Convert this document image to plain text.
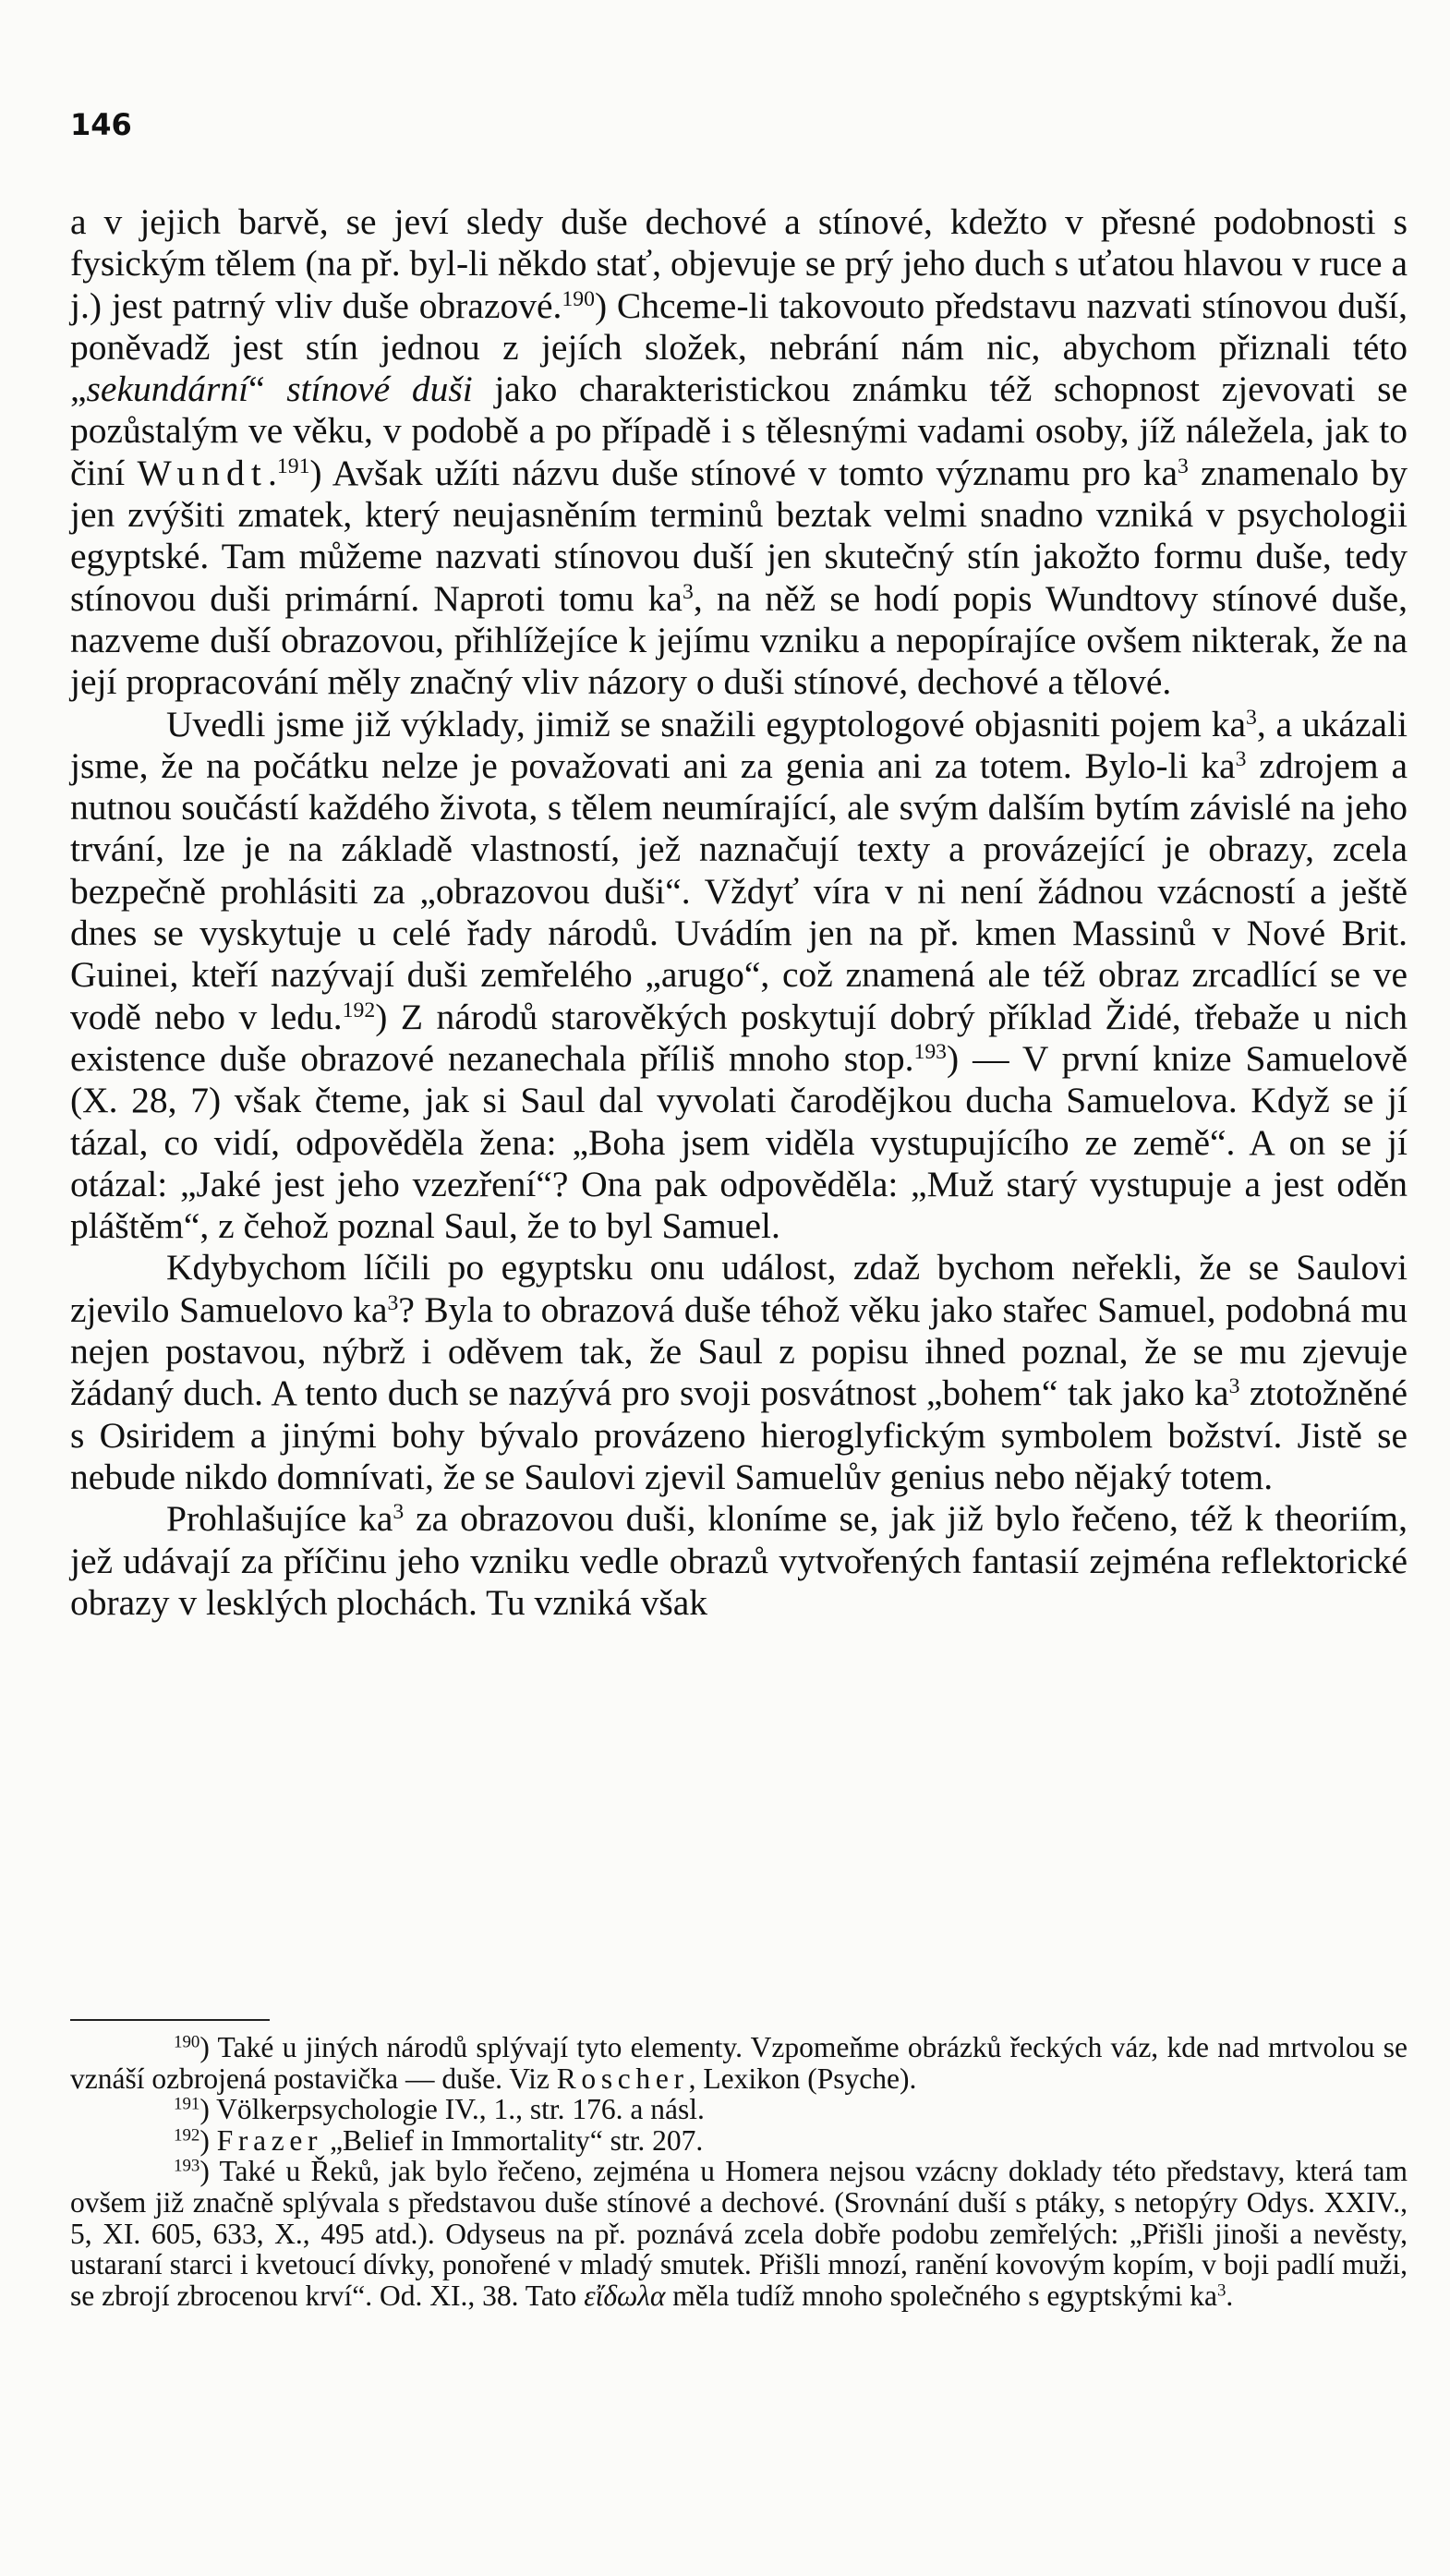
146

a v jejich barvě, se jeví sledy duše dechové a stínové, kdežto v přesné podobnosti s fysickým tělem (na př. byl-li někdo stať, objevuje se prý jeho duch s uťatou hlavou v ruce a j.) jest patrný vliv duše obrazové.$^{190}$) Chceme-li takovouto představu nazvati stínovou duší, poněvadž jest stín jednou z jejích složek, nebrání nám nic, abychom přiznali této „sekundární“ stínové duši jako charakteristickou známku též schopnost zjevovati se pozůstalým ve věku, v podobě a po případě i s tělesnými vadami osoby, jíž náležela, jak to činí Wundt.$^{191}$) Avšak užíti názvu duše stínové v tomto významu pro $ka^3$ znamenalo by jen zvýšiti zmatek, který neujasněním terminů beztak velmi snadno vzniká v psychologii egyptské. Tam můžeme nazvati stínovou duší jen skutečný stín jakožto formu duše, tedy stínovou duši primární. Naproti tomu $ka^3$, na něž se hodí popis Wundtovy stínové duše, nazveme duší obrazovou, přihlížejíce k jejímu vzniku a nepopírajíce ovšem nikterak, že na její propracování měly značný vliv názory o duši stínové, dechové a tělové.

Uvedli jsme již výklady, jimiž se snažili egyptologové objasniti pojem $ka^3$, a ukázali jsme, že na počátku nelze je považovati ani za genia ani za totem. Bylo-li $ka^3$ zdrojem a nutnou součástí každého života, s tělem neumírající, ale svým dalším bytím závislé na jeho trvání, lze je na základě vlastností, jež naznačují texty a provázející je obrazy, zcela bezpečně prohlásiti za „obrazovou duši“. Vždyť víra v ni není žádnou vzácností a ještě dnes se vyskytuje u celé řady národů. Uvádím jen na př. kmen Massinů v Nové Brit. Guinei, kteří nazývají duši zemřelého „arugo“, což znamená ale též obraz zrcadlící se ve vodě nebo v ledu.$^{192}$) Z národů starověkých poskytují dobrý příklad Židé, třebaže u nich existence duše obrazové nezanechala příliš mnoho stop.$^{193}$) — V první knize Samuelově (X. 28, 7) však čteme, jak si Saul dal vyvolati čarodějkou ducha Samuelova. Když se jí tázal, co vidí, odpověděla žena: „Boha jsem viděla vystupujícího ze země“. A on se jí otázal: „Jaké jest jeho vzezření“? Ona pak odpověděla: „Muž starý vystupuje a jest oděn pláštěm“, z čehož poznal Saul, že to byl Samuel.

Kdybychom líčili po egyptsku onu událost, zdaž bychom neřekli, že se Saulovi zjevilo Samuelovo $ka^3$? Byla to obrazová duše téhož věku jako stařec Samuel, podobná mu nejen postavou, nýbrž i oděvem tak, že Saul z popisu ihned poznal, že se mu zjevuje žádaný duch. A tento duch se nazývá pro svoji posvátnost „bohem“ tak jako $ka^3$ ztotožněné s Osiridem a jinými bohy bývalo provázeno hieroglyfickým symbolem božství. Jistě se nebude nikdo domnívati, že se Saulovi zjevil Samuelův genius nebo nějaký totem.

Prohlašujíce $ka^3$ za obrazovou duši, kloníme se, jak již bylo řečeno, též k theoriím, jež udávají za příčinu jeho vzniku vedle obrazů vytvořených fantasií zejména reflektorické obrazy v lesklých plochách. Tu vzniká však

$^{190}$) Také u jiných národů splývají tyto elementy. Vzpomeňme obrázků řeckých váz, kde nad mrtvolou se vznáší ozbrojená postavička — duše. Viz Roscher, Lexikon (Psyche).

$^{191}$) Völkerpsychologie IV., 1., str. 176. a násl.

$^{192}$) Frazer „Belief in Immortality“ str. 207.

$^{193}$) Také u Řeků, jak bylo řečeno, zejména u Homera nejsou vzácny doklady této představy, která tam ovšem již značně splývala s představou duše stínové a dechové. (Srovnání duší s ptáky, s netopýry Odys. XXIV., 5, XI. 605, 633, X., 495 atd.). Odyseus na př. poznává zcela dobře podobu zemřelých: „Přišli jinoši a nevěsty, ustaraní starci i kvetoucí dívky, ponořené v mladý smutek. Přišli mnozí, ranění kovovým kopím, v boji padlí muži, se zbrojí zbrocenou krví“. Od. XI., 38. Tato εἴδωλα měla tudíž mnoho společného s egyptskými $ka^3$.
